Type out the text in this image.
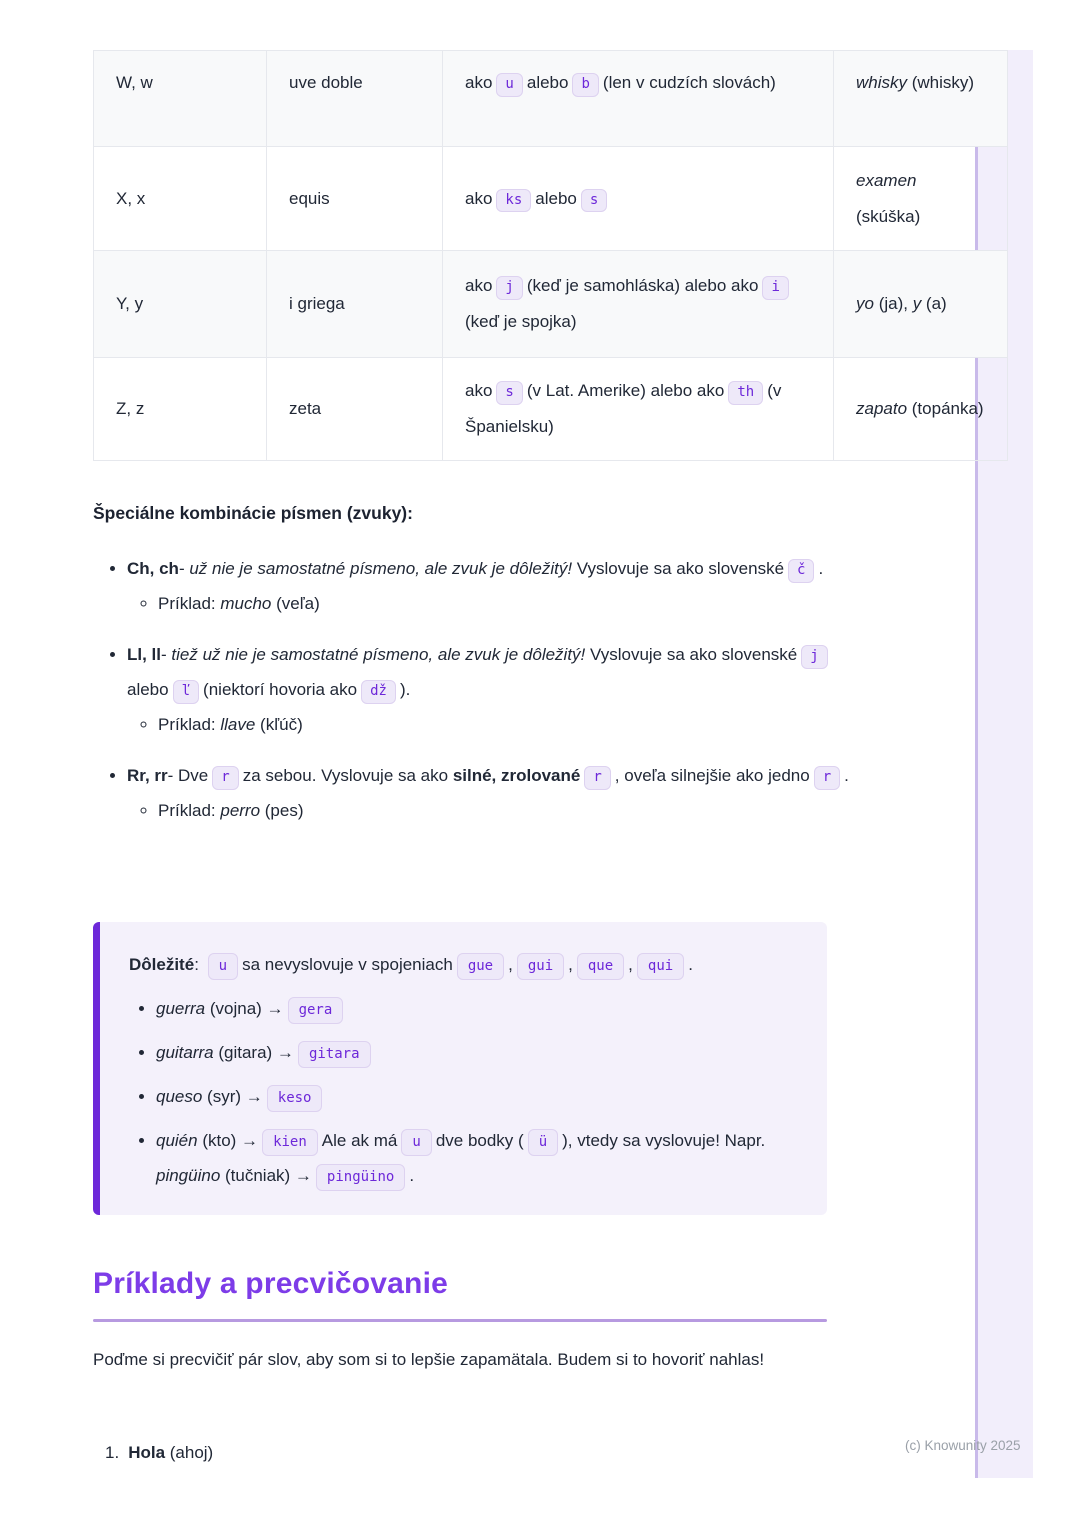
(c) Knowunity 2025
W, w	uve doble	ako u alebo b (len v cudzích slovách)	whisky (whisky)
X, x	equis	ako ks alebo s	examen (skúška)
Y, y	i griega	ako j (keď je samohláska) alebo ako i(keď je spojka)	yo (ja), y (a)
Z, z	zeta	ako s (v Lat. Amerike) alebo ako th (v Španielsku)	zapato (topánka)
Špeciálne kombinácie písmen (zvuky):
• Ch, ch- už nie je samostatné písmeno, ale zvuk je dôležitý! Vyslovuje sa ako slovenské č .
◦ Príklad: mucho (veľa)
• Ll, ll- tiež už nie je samostatné písmeno, ale zvuk je dôležitý! Vyslovuje sa ako slovenské jalebo ľ (niektorí hovoria ako dž ).
◦ Príklad: llave (kľúč)
• Rr, rr- Dve r za sebou. Vyslovuje sa ako silné, zrolované r , oveľa silnejšie ako jedno r .
◦ Príklad: perro (pes)
Dôležité: u sa nevyslovuje v spojeniach gue , gui , que , qui .
• guerra (vojna) → gera
• guitarra (gitara) → gitara
• queso (syr) → keso
• quién (kto) → kien Ale ak má u dve bodky ( ü ), vtedy sa vyslovuje! Napr. pingüino (tučniak) → pingüino .
Príklady a precvičovanie

Poďme si precvičiť pár slov, aby som si to lepšie zapamätala. Budem si to hovoriť nahlas!

1. Hola (ahoj)
